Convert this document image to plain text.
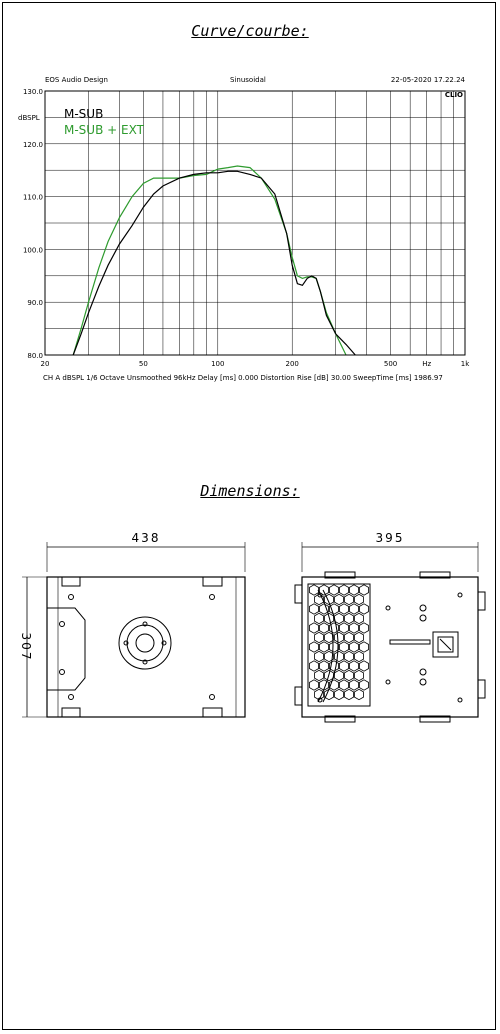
Curve/courbe:
EOS Audio Design	Sinusoidal	22-05-2020 17.22.24
CLIO
dBSPL
130.0
120.0
110.0
100.0
90.0
80.0
20	50	100	200	500	Hz	1k
M-SUB
M-SUB + EXT
CH A dBSPL 1/6 Octave Unsmoothed 96kHz Delay [ms] 0.000 Distortion Rise [dB] 30.00 SweepTime [ms] 1986.97
Dimensions:
438
307
395
